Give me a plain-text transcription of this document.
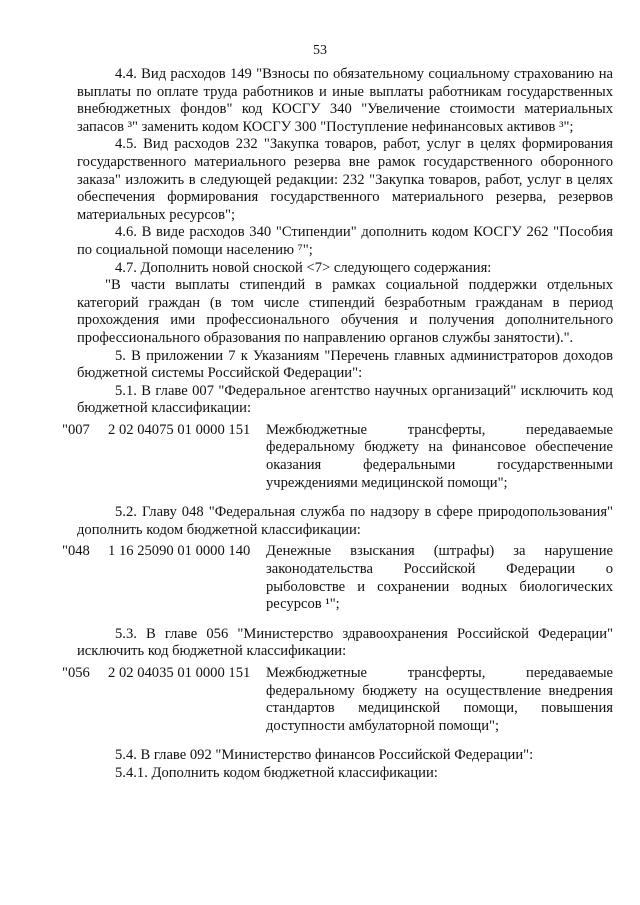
53

4.4. Вид расходов 149 "Взносы по обязательному социальному страхованию на выплаты по оплате труда работников и иные выплаты работникам государственных внебюджетных фондов" код КОСГУ 340 "Увеличение стоимости материальных запасов ³" заменить кодом КОСГУ 300 "Поступление нефинансовых активов ³";

4.5. Вид расходов 232 "Закупка товаров, работ, услуг в целях формирования государственного материального резерва вне рамок государственного оборонного заказа" изложить в следующей редакции: 232 "Закупка товаров, работ, услуг в целях обеспечения формирования государственного материального резерва, резервов материальных ресурсов";

4.6. В виде расходов 340 "Стипендии" дополнить кодом КОСГУ 262 "Пособия по социальной помощи населению ⁷";

4.7. Дополнить новой сноской <7> следующего содержания:

"В части выплаты стипендий в рамках социальной поддержки отдельных категорий граждан (в том числе стипендий безработным гражданам в период прохождения ими профессионального обучения и получения дополнительного профессионального образования по направлению органов службы занятости).".

5. В приложении 7 к Указаниям "Перечень главных администраторов доходов бюджетной системы Российской Федерации":

5.1. В главе 007 "Федеральное агентство научных организаций" исключить код бюджетной классификации:

"007	2 02 04075 01 0000 151	Межбюджетные трансферты, передаваемые федеральному бюджету на финансовое обеспечение оказания федеральными государственными учреждениями медицинской помощи";

5.2. Главу 048 "Федеральная служба по надзору в сфере природопользования" дополнить кодом бюджетной классификации:

"048	1 16 25090 01 0000 140	Денежные взыскания (штрафы) за нарушение законодательства Российской Федерации о рыболовстве и сохранении водных биологических ресурсов ¹";

5.3. В главе 056 "Министерство здравоохранения Российской Федерации" исключить код бюджетной классификации:

"056	2 02 04035 01 0000 151	Межбюджетные трансферты, передаваемые федеральному бюджету на осуществление внедрения стандартов медицинской помощи, повышения доступности амбулаторной помощи";

5.4. В главе 092 "Министерство финансов Российской Федерации":

5.4.1. Дополнить кодом бюджетной классификации:
